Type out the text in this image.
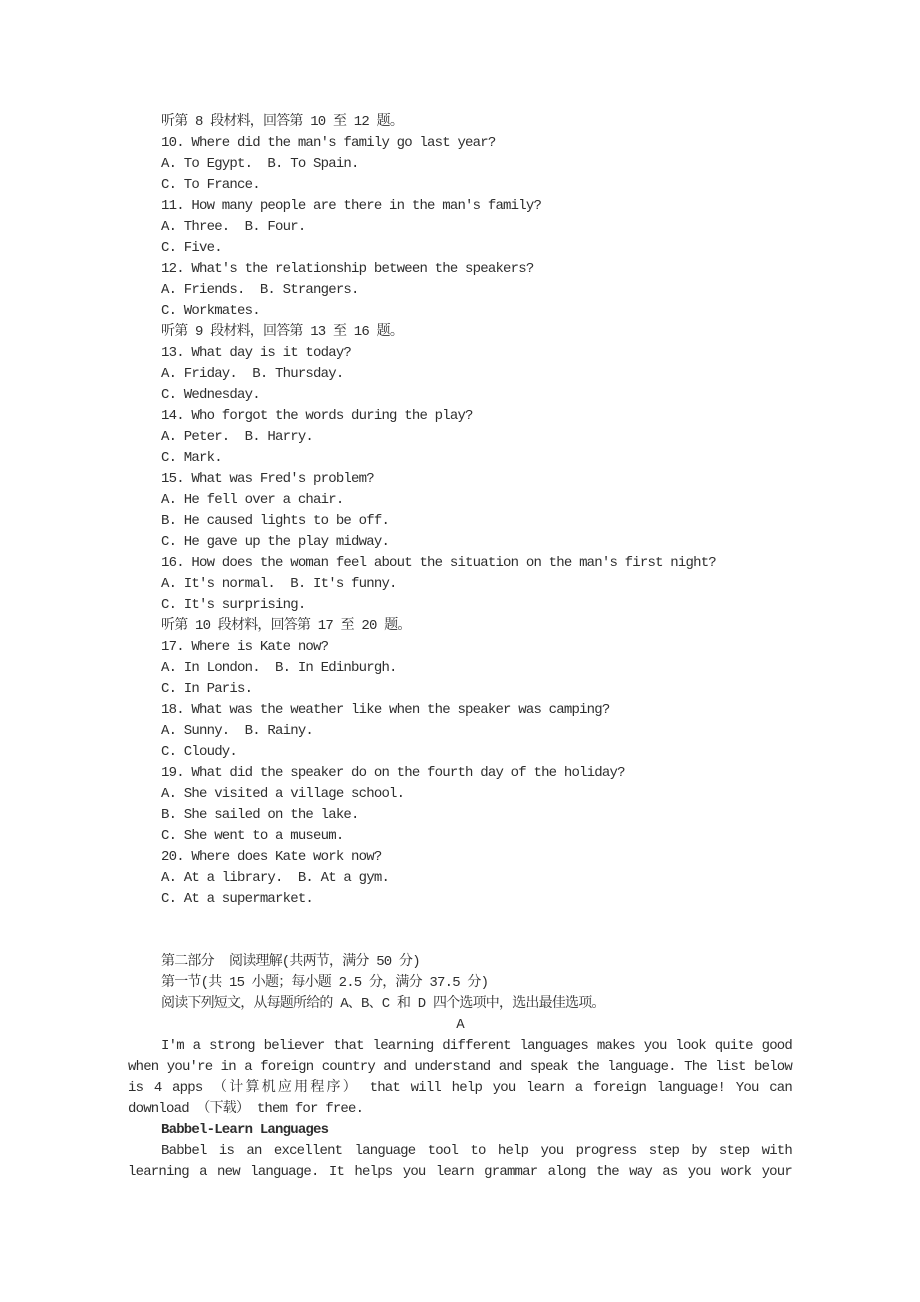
听第 8 段材料，回答第 10 至 12 题。
10. Where did the man's family go last year?
A. To Egypt.  B. To Spain.
C. To France.
11. How many people are there in the man's family?
A. Three.  B. Four.
C. Five.
12. What's the relationship between the speakers?
A. Friends.  B. Strangers.
C. Workmates.
听第 9 段材料，回答第 13 至 16 题。
13. What day is it today?
A. Friday.  B. Thursday.
C. Wednesday.
14. Who forgot the words during the play?
A. Peter.  B. Harry.
C. Mark.
15. What was Fred's problem?
A. He fell over a chair.
B. He caused lights to be off.
C. He gave up the play midway.
16. How does the woman feel about the situation on the man's first night?
A. It's normal.  B. It's funny.
C. It's surprising.
听第 10 段材料，回答第 17 至 20 题。
17. Where is Kate now?
A. In London.  B. In Edinburgh.
C. In Paris.
18. What was the weather like when the speaker was camping?
A. Sunny.  B. Rainy.
C. Cloudy.
19. What did the speaker do on the fourth day of the holiday?
A. She visited a village school.
B. She sailed on the lake.
C. She went to a museum.
20. Where does Kate work now?
A. At a library.  B. At a gym.
C. At a supermarket.
第二部分  阅读理解(共两节，满分 50 分)
第一节(共 15 小题；每小题 2.5 分，满分 37.5 分)
阅读下列短文，从每题所给的 A、B、C 和 D 四个选项中，选出最佳选项。
A
I'm a strong believer that learning different languages makes you look quite good
when you're in a foreign country and understand and speak the language. The list below
is 4 apps （计算机应用程序） that will help you learn a foreign language! You can
download （下载） them for free.
Babbel-Learn Languages
Babbel is an excellent language tool to help you progress step by step with
learning a new language. It helps you learn grammar along the way as you work your
